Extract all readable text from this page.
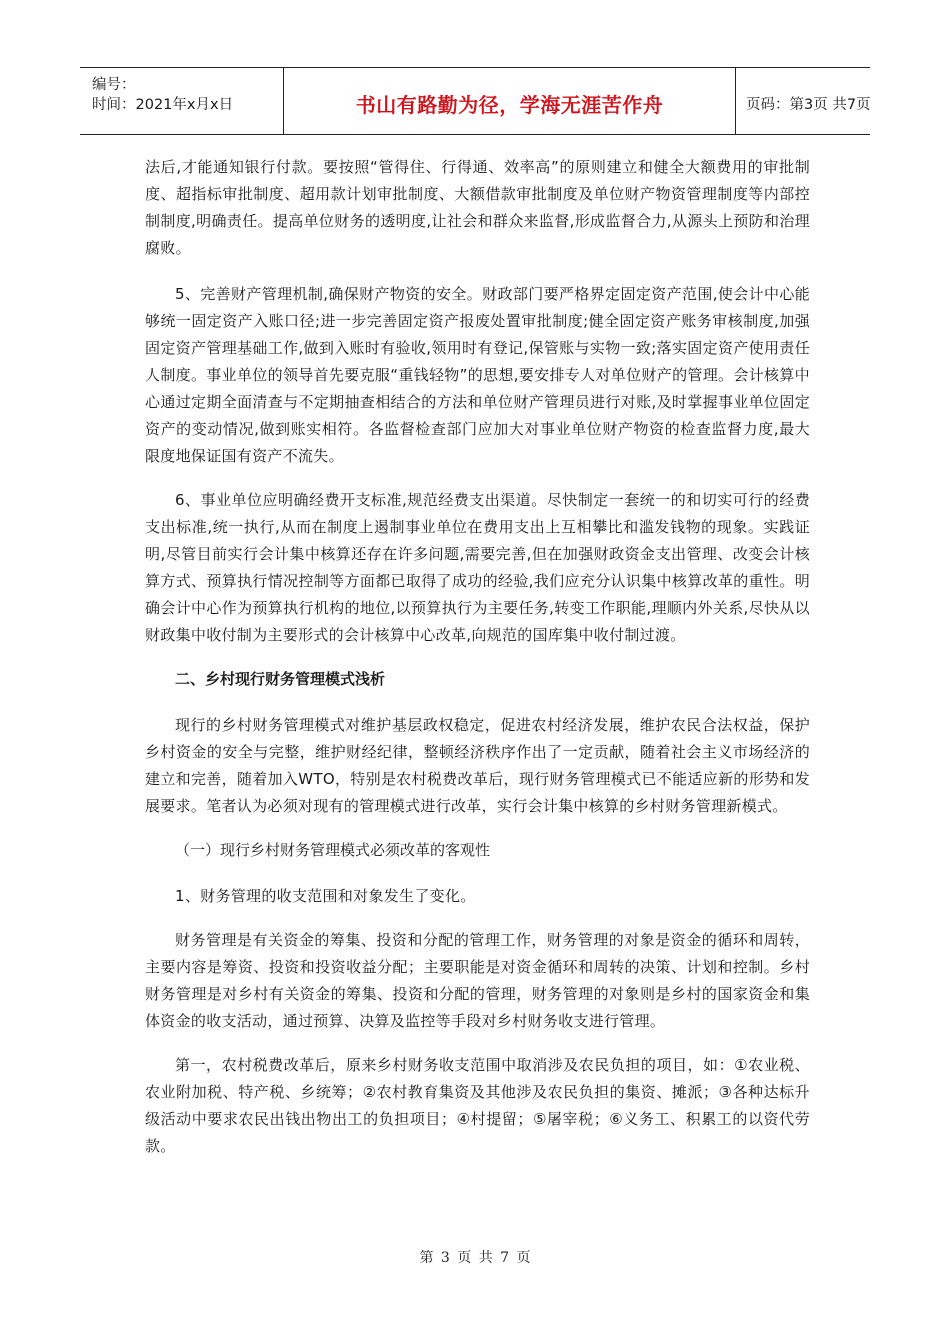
编号：
时间：2021年x月x日	书山有路勤为径，学海无涯苦作舟	页码：第3页 共7页

法后,才能通知银行付款。要按照“管得住、行得通、效率高”的原则建立和健全大额费用的审批制度、超指标审批制度、超用款计划审批制度、大额借款审批制度及单位财产物资管理制度等内部控制制度,明确责任。提高单位财务的透明度,让社会和群众来监督,形成监督合力,从源头上预防和治理腐败。

5、完善财产管理机制,确保财产物资的安全。财政部门要严格界定固定资产范围,使会计中心能够统一固定资产入账口径;进一步完善固定资产报废处置审批制度;健全固定资产账务审核制度,加强固定资产管理基础工作,做到入账时有验收,领用时有登记,保管账与实物一致;落实固定资产使用责任人制度。事业单位的领导首先要克服“重钱轻物”的思想,要安排专人对单位财产的管理。会计核算中心通过定期全面清查与不定期抽查相结合的方法和单位财产管理员进行对账,及时掌握事业单位固定资产的变动情况,做到账实相符。各监督检查部门应加大对事业单位财产物资的检查监督力度,最大限度地保证国有资产不流失。

6、事业单位应明确经费开支标准,规范经费支出渠道。尽快制定一套统一的和切实可行的经费支出标准,统一执行,从而在制度上遏制事业单位在费用支出上互相攀比和滥发钱物的现象。实践证明,尽管目前实行会计集中核算还存在许多问题,需要完善,但在加强财政资金支出管理、改变会计核算方式、预算执行情况控制等方面都已取得了成功的经验,我们应充分认识集中核算改革的重性。明确会计中心作为预算执行机构的地位,以预算执行为主要任务,转变工作职能,理顺内外关系,尽快从以财政集中收付制为主要形式的会计核算中心改革,向规范的国库集中收付制过渡。

二、乡村现行财务管理模式浅析

现行的乡村财务管理模式对维护基层政权稳定，促进农村经济发展，维护农民合法权益，保护乡村资金的安全与完整，维护财经纪律，整顿经济秩序作出了一定贡献，随着社会主义市场经济的建立和完善，随着加入WTO，特别是农村税费改革后，现行财务管理模式已不能适应新的形势和发展要求。笔者认为必须对现有的管理模式进行改革，实行会计集中核算的乡村财务管理新模式。

（一）现行乡村财务管理模式必须改革的客观性

1、财务管理的收支范围和对象发生了变化。

财务管理是有关资金的筹集、投资和分配的管理工作，财务管理的对象是资金的循环和周转，主要内容是筹资、投资和投资收益分配；主要职能是对资金循环和周转的决策、计划和控制。乡村财务管理是对乡村有关资金的筹集、投资和分配的管理，财务管理的对象则是乡村的国家资金和集体资金的收支活动，通过预算、决算及监控等手段对乡村财务收支进行管理。

第一，农村税费改革后，原来乡村财务收支范围中取消涉及农民负担的项目，如：①农业税、农业附加税、特产税、乡统筹；②农村教育集资及其他涉及农民负担的集资、摊派；③各种达标升级活动中要求农民出钱出物出工的负担项目；④村提留；⑤屠宰税；⑥义务工、积累工的以资代劳款。

第 3 页 共 7 页
